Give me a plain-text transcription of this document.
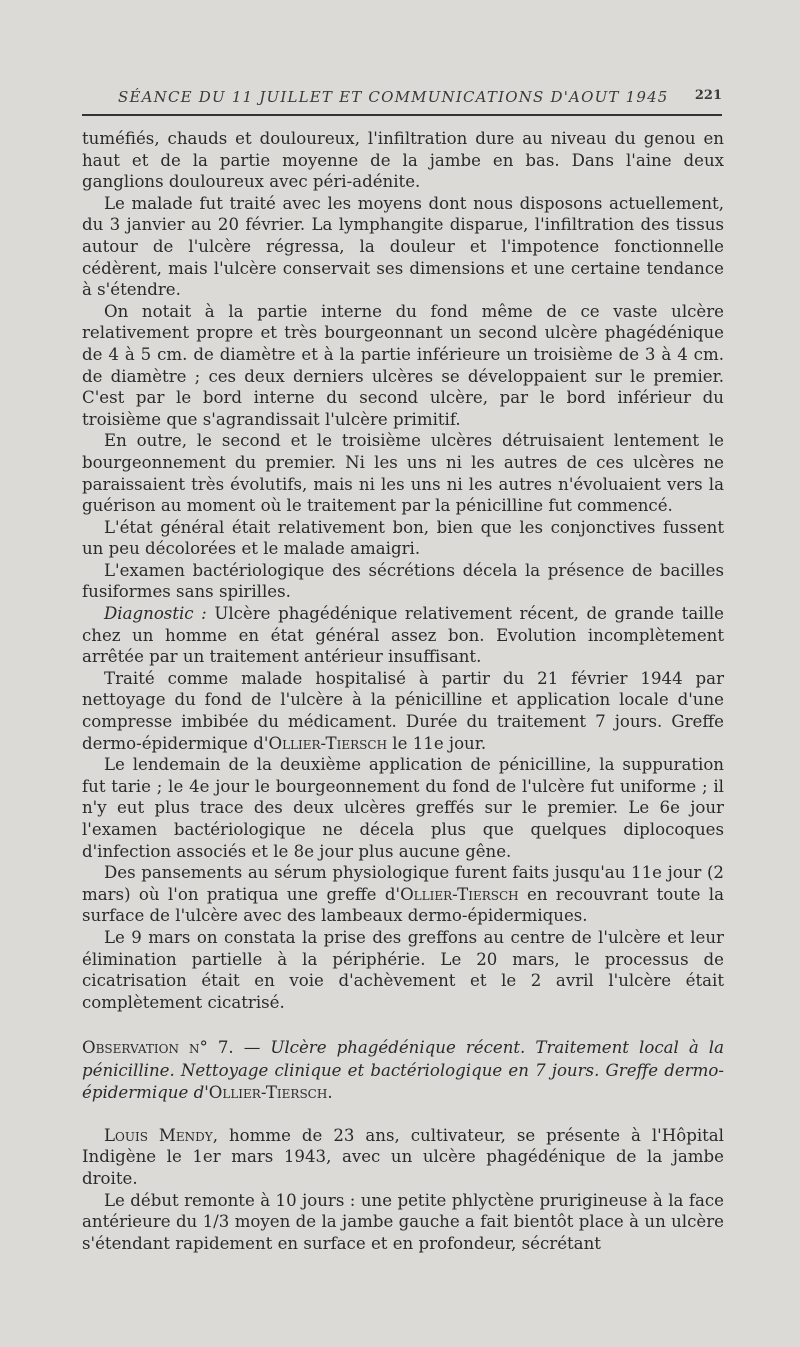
SÉANCE DU 11 JUILLET ET COMMUNICATIONS D'AOUT 1945 221

tuméfiés, chauds et douloureux, l'infiltration dure au niveau du genou en haut et de la partie moyenne de la jambe en bas. Dans l'aine deux ganglions douloureux avec péri-adénite.

Le malade fut traité avec les moyens dont nous disposons actuellement, du 3 janvier au 20 février. La lymphangite disparue, l'infiltration des tissus autour de l'ulcère régressa, la douleur et l'impotence fonctionnelle cédèrent, mais l'ulcère conservait ses dimensions et une certaine tendance à s'étendre.

On notait à la partie interne du fond même de ce vaste ulcère relativement propre et très bourgeonnant un second ulcère phagédénique de 4 à 5 cm. de diamètre et à la partie inférieure un troisième de 3 à 4 cm. de diamètre ; ces deux derniers ulcères se développaient sur le premier. C'est par le bord interne du second ulcère, par le bord inférieur du troisième que s'agrandissait l'ulcère primitif.

En outre, le second et le troisième ulcères détruisaient lentement le bourgeonnement du premier. Ni les uns ni les autres de ces ulcères ne paraissaient très évolutifs, mais ni les uns ni les autres n'évoluaient vers la guérison au moment où le traitement par la pénicilline fut commencé.

L'état général était relativement bon, bien que les conjonctives fussent un peu décolorées et le malade amaigri.

L'examen bactériologique des sécrétions décela la présence de bacilles fusiformes sans spirilles.

Diagnostic : Ulcère phagédénique relativement récent, de grande taille chez un homme en état général assez bon. Evolution incomplètement arrêtée par un traitement antérieur insuffisant.

Traité comme malade hospitalisé à partir du 21 février 1944 par nettoyage du fond de l'ulcère à la pénicilline et application locale d'une compresse imbibée du médicament. Durée du traitement 7 jours. Greffe dermo-épidermique d'Ollier-Tiersch le 11e jour.

Le lendemain de la deuxième application de pénicilline, la suppuration fut tarie ; le 4e jour le bourgeonnement du fond de l'ulcère fut uniforme ; il n'y eut plus trace des deux ulcères greffés sur le premier. Le 6e jour l'examen bactériologique ne décela plus que quelques diplocoques d'infection associés et le 8e jour plus aucune gêne.

Des pansements au sérum physiologique furent faits jusqu'au 11e jour (2 mars) où l'on pratiqua une greffe d'Ollier-Tiersch en recouvrant toute la surface de l'ulcère avec des lambeaux dermo-épidermiques.

Le 9 mars on constata la prise des greffons au centre de l'ulcère et leur élimination partielle à la périphérie. Le 20 mars, le processus de cicatrisation était en voie d'achèvement et le 2 avril l'ulcère était complètement cicatrisé.

Observation n° 7. — Ulcère phagédénique récent. Traitement local à la pénicilline. Nettoyage clinique et bactériologique en 7 jours. Greffe dermo-épidermique d'Ollier-Tiersch.

Louis Mendy, homme de 23 ans, cultivateur, se présente à l'Hôpital Indigène le 1er mars 1943, avec un ulcère phagédénique de la jambe droite.

Le début remonte à 10 jours : une petite phlyctène prurigineuse à la face antérieure du 1/3 moyen de la jambe gauche a fait bientôt place à un ulcère s'étendant rapidement en surface et en profondeur, sécrétant
